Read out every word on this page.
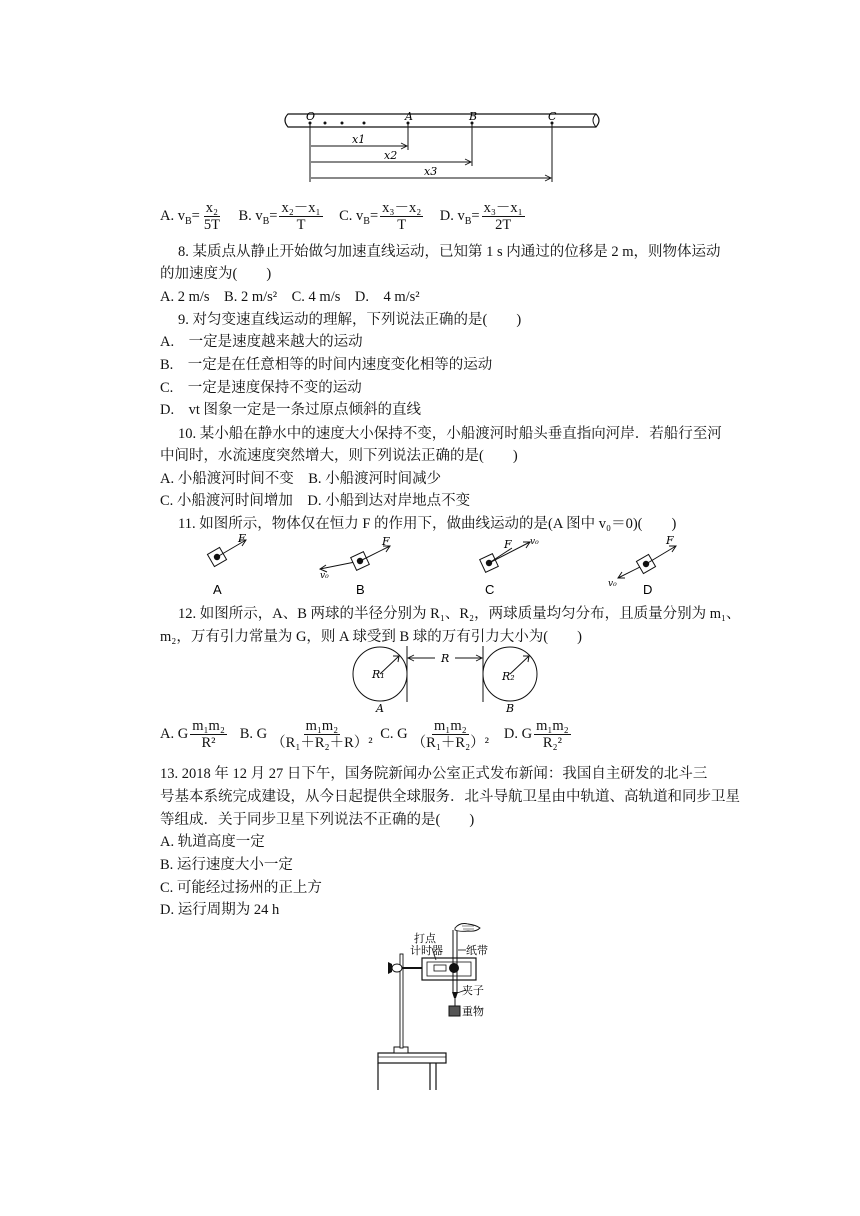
O	A	B	C
x1
x2
x3
A. $v_B= \frac{\text{x₂}}{5T} B$. $v_B= \frac{\text{x₂－x₁}}{T} C$. $v_B= \frac{\text{x₃－x₂}}{T} D$. $v_B= \frac{\text{x₃－x₁}}{2T}$
8. 某质点从静止开始做匀加速直线运动，已知第 1 s 内通过的位移是 2 m，则物体运动
的加速度为(　　)
A. 2 m/s　B. 2 m/s²　C. 4 m/s　D.　4 m/s²
9. 对匀变速直线运动的理解，下列说法正确的是(　　)
A.　一定是速度越来越大的运动
B.　一定是在任意相等的时间内速度变化相等的运动
C.　一定是速度保持不变的运动
D.　vt 图象一定是一条过原点倾斜的直线
10. 某小船在静水中的速度大小保持不变，小船渡河时船头垂直指向河岸．若船行至河
中间时，水流速度突然增大，则下列说法正确的是(　　)
A. 小船渡河时间不变　B. 小船渡河时间减少
C. 小船渡河时间增加　D. 小船到达对岸地点不变
11. 如图所示，物体仅在恒力 F 的作用下，做曲线运动的是(A 图中 v₀＝0)(　　)
F
A
F
v₀
B
F v₀
C
F
v₀ D
12. 如图所示，A、B 两球的半径分别为 R₁、R₂，两球质量均匀分布，且质量分别为 m₁、
m₂，万有引力常量为 G，则 A 球受到 B 球的万有引力大小为(　　)
R
R₁	R₂
A	B
A. G $\frac{\text{m₁m₂}}{\text{R²}} B$. G $\frac{\text{m₁m₂}}{\text{（R₁＋R₂＋R）²}} C$. G $\frac{\text{m₁m₂}}{\text{（R₁＋R₂）²}} D$. G $\frac{\text{m₁m₂}}{\text{R₂²}}$
13. 2018 年 12 月 27 日下午，国务院新闻办公室正式发布新闻：我国自主研发的北斗三
号基本系统完成建设，从今日起提供全球服务．北斗导航卫星由中轨道、高轨道和同步卫星
等组成．关于同步卫星下列说法不正确的是(　　)
A. 轨道高度一定
B. 运行速度大小一定
C. 可能经过扬州的正上方
D. 运行周期为 24 h
打点
计时器 纸带
夹子
重物
